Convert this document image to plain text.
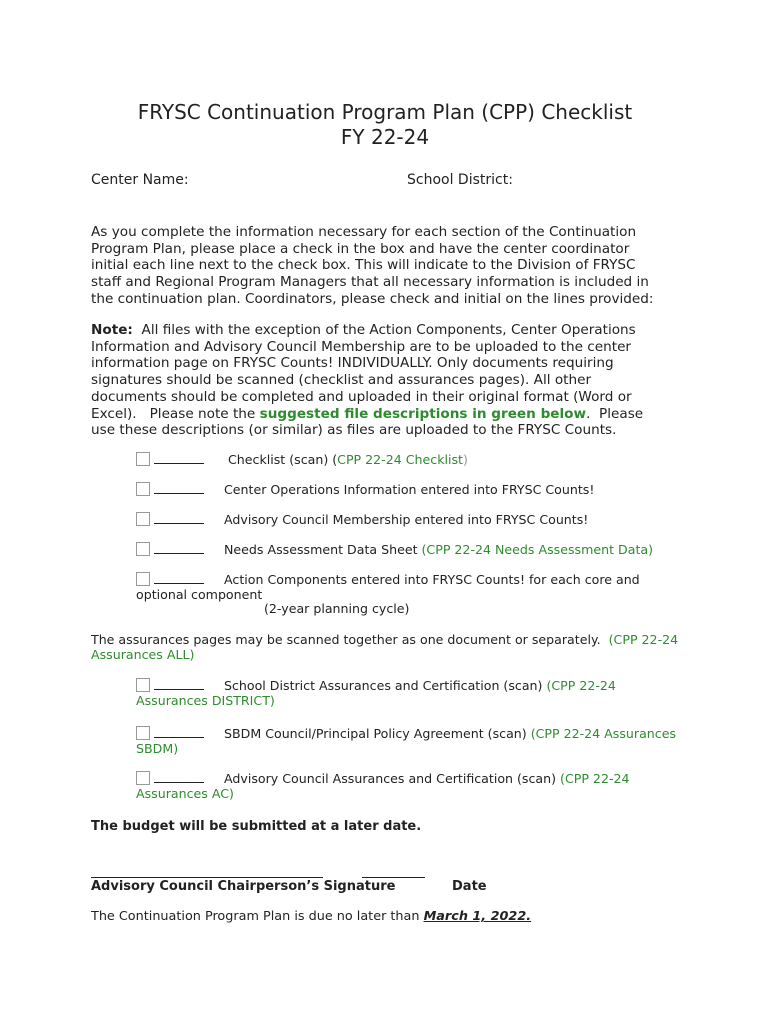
FRYSC Continuation Program Plan (CPP) Checklist
FY 22-24
Center Name:	School District:
As you complete the information necessary for each section of the Continuation
Program Plan, please place a check in the box and have the center coordinator
initial each line next to the check box. This will indicate to the Division of FRYSC
staff and Regional Program Managers that all necessary information is included in
the continuation plan. Coordinators, please check and initial on the lines provided:
Note:  All files with the exception of the Action Components, Center Operations
Information and Advisory Council Membership are to be uploaded to the center
information page on FRYSC Counts! INDIVIDUALLY. Only documents requiring
signatures should be scanned (checklist and assurances pages). All other
documents should be completed and uploaded in their original format (Word or
Excel).   Please note the suggested file descriptions in green below.  Please
use these descriptions (or similar) as files are uploaded to the FRYSC Counts.
Checklist (scan) (CPP 22-24 Checklist)
Center Operations Information entered into FRYSC Counts!
Advisory Council Membership entered into FRYSC Counts!
Needs Assessment Data Sheet (CPP 22-24 Needs Assessment Data)
Action Components entered into FRYSC Counts! for each core and
optional component
(2-year planning cycle)
The assurances pages may be scanned together as one document or separately.  (CPP 22-24
Assurances ALL)
School District Assurances and Certification (scan) (CPP 22-24
Assurances DISTRICT)
SBDM Council/Principal Policy Agreement (scan) (CPP 22-24 Assurances
SBDM)
Advisory Council Assurances and Certification (scan) (CPP 22-24
Assurances AC)
The budget will be submitted at a later date.
Advisory Council Chairperson’s Signature	Date
The Continuation Program Plan is due no later than March 1, 2022.
